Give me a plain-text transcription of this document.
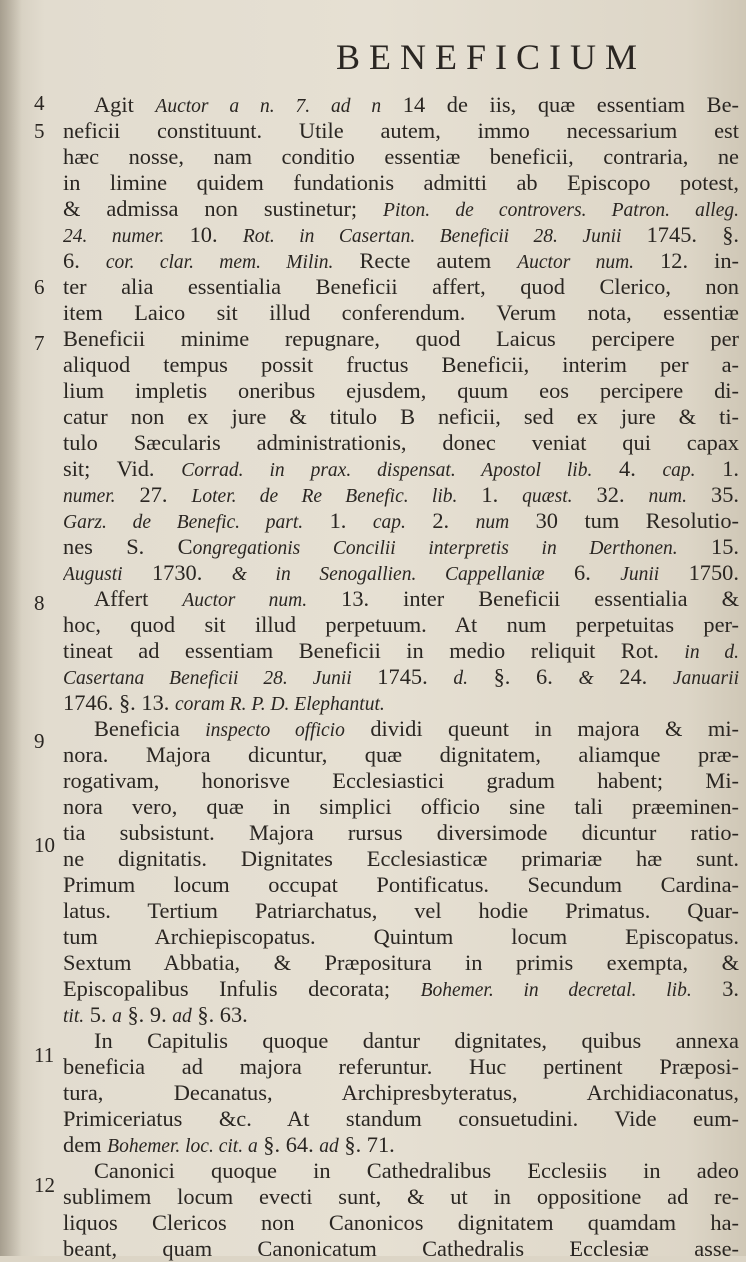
BENEFICIUM
4
5
6
7
8
9
10
11
12
Agit Auctor a n. 7. ad n 14 de iis, quæ essentiam Be-
neficii constituunt. Utile autem, immo necessarium est
hæc nosse, nam conditio essentiæ beneficii, contraria, ne
in limine quidem fundationis admitti ab Episcopo potest,
& admissa non sustinetur; Piton. de controvers. Patron. alleg.
24. numer. 10. Rot. in Casertan. Beneficii 28. Junii 1745. §.
6. cor. clar. mem. Milin. Recte autem Auctor num. 12. in-
ter alia essentialia Beneficii affert, quod Clerico, non
item Laico sit illud conferendum. Verum nota, essentiæ
Beneficii minime repugnare, quod Laicus percipere per
aliquod tempus possit fructus Beneficii, interim per a-
lium impletis oneribus ejusdem, quum eos percipere di-
catur non ex jure & titulo B neficii, sed ex jure & ti-
tulo Sæcularis administrationis, donec veniat qui capax
sit; Vid. Corrad. in prax. dispensat. Apostol lib. 4. cap. 1.
numer. 27. Loter. de Re Benefic. lib. 1. quæst. 32. num. 35.
Garz. de Benefic. part. 1. cap. 2. num 30 tum Resolutio-
nes S. Congregationis Concilii interpretis in Derthonen. 15.
Augusti 1730. & in Senogallien. Cappellaniæ 6. Junii 1750.
Affert Auctor num. 13. inter Beneficii essentialia &
hoc, quod sit illud perpetuum. At num perpetuitas per-
tineat ad essentiam Beneficii in medio reliquit Rot. in d.
Casertana Beneficii 28. Junii 1745. d. §. 6. & 24. Januarii
1746. §. 13. coram R. P. D. Elephantut.
Beneficia inspecto officio dividi queunt in majora & mi-
nora. Majora dicuntur, quæ dignitatem, aliamque præ-
rogativam, honorisve Ecclesiastici gradum habent; Mi-
nora vero, quæ in simplici officio sine tali præeminen-
tia subsistunt. Majora rursus diversimode dicuntur ratio-
ne dignitatis. Dignitates Ecclesiasticæ primariæ hæ sunt.
Primum locum occupat Pontificatus. Secundum Cardina-
latus. Tertium Patriarchatus, vel hodie Primatus. Quar-
tum Archiepiscopatus. Quintum locum Episcopatus.
Sextum Abbatia, & Præpositura in primis exempta, &
Episcopalibus Infulis decorata; Bohemer. in decretal. lib. 3.
tit. 5. a §. 9. ad §. 63.
In Capitulis quoque dantur dignitates, quibus annexa
beneficia ad majora referuntur. Huc pertinent Præposi-
tura, Decanatus, Archipresbyteratus, Archidiaconatus,
Primiceriatus &c. At standum consuetudini. Vide eum-
dem Bohemer. loc. cit. a §. 64. ad §. 71.
Canonici quoque in Cathedralibus Ecclesiis in adeo
sublimem locum evecti sunt, & ut in oppositione ad re-
liquos Clericos non Canonicos dignitatem quamdam ha-
beant, quam Canonicatum Cathedralis Ecclesiæ asse-
